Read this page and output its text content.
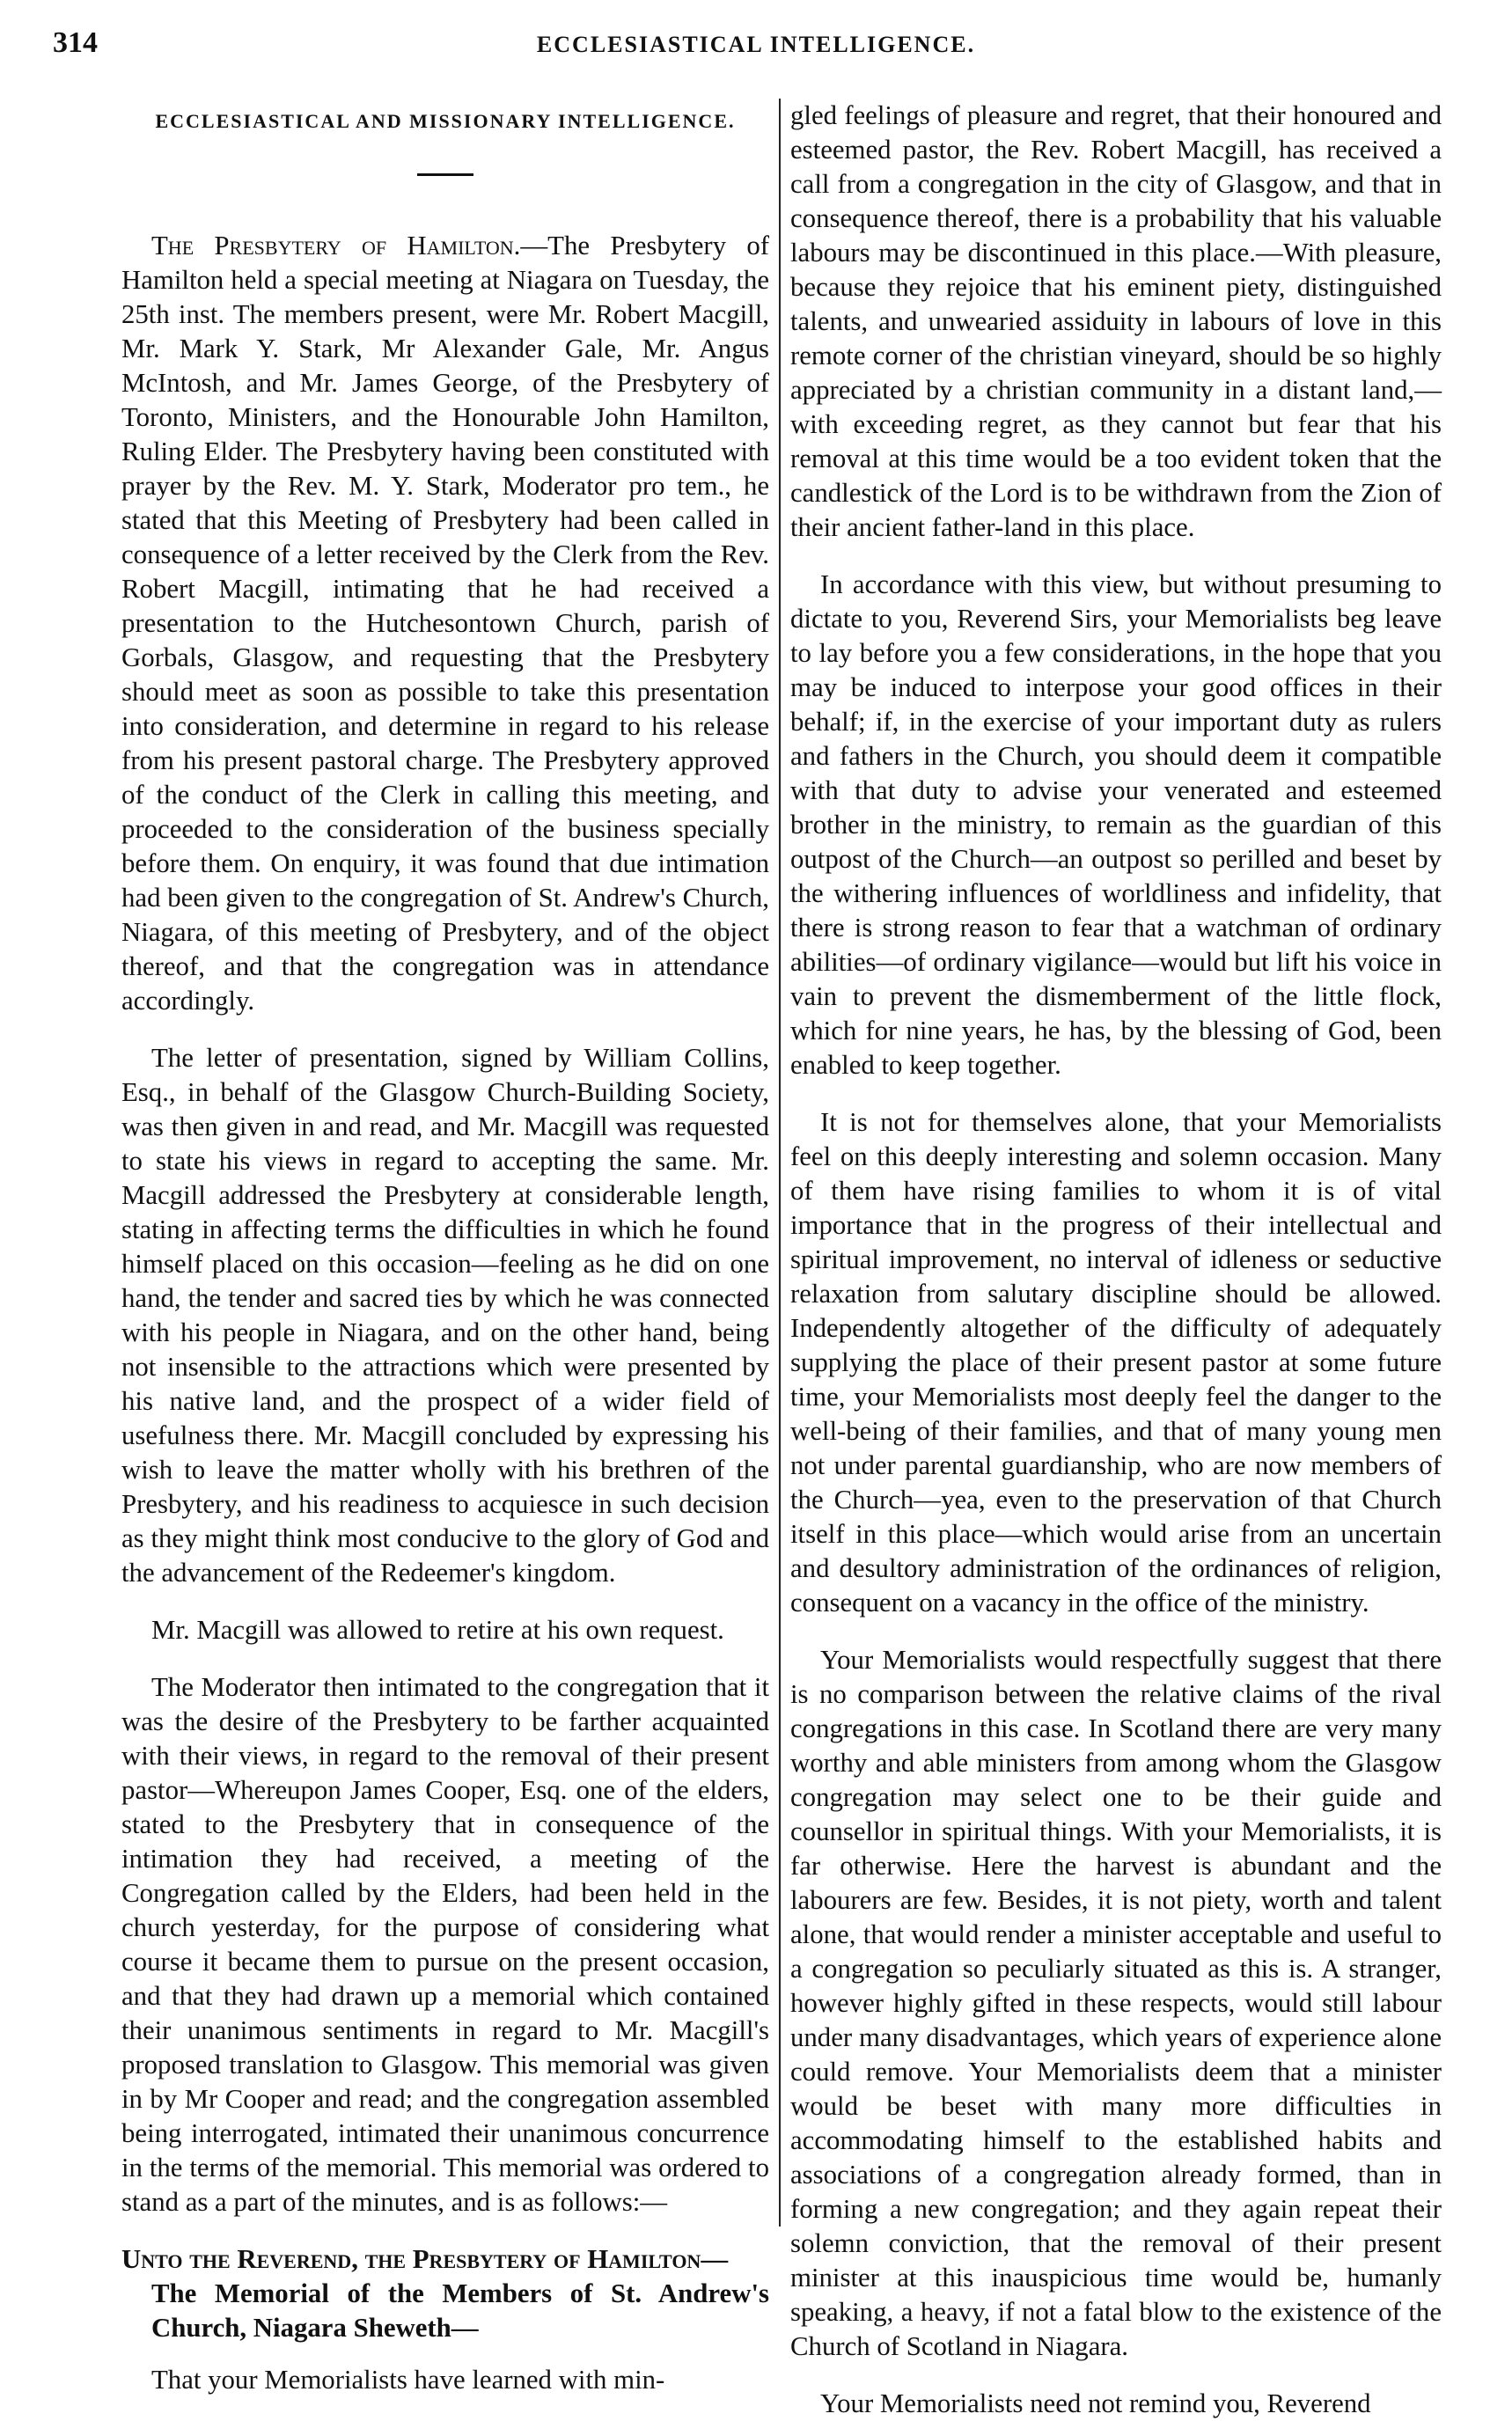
314	ECCLESIASTICAL INTELLIGENCE.
ECCLESIASTICAL AND MISSIONARY INTELLIGENCE.

The Presbytery of Hamilton.—The Presbytery of Hamilton held a special meeting at Niagara on Tuesday, the 25th inst. The members present, were Mr. Robert Macgill, Mr. Mark Y. Stark, Mr Alexander Gale, Mr. Angus McIntosh, and Mr. James George, of the Presbytery of Toronto, Ministers, and the Honourable John Hamilton, Ruling Elder. The Presbytery having been constituted with prayer by the Rev. M. Y. Stark, Moderator pro tem., he stated that this Meeting of Presbytery had been called in consequence of a letter received by the Clerk from the Rev. Robert Macgill, intimating that he had received a presentation to the Hutchesontown Church, parish of Gorbals, Glasgow, and requesting that the Presbytery should meet as soon as possible to take this presentation into consideration, and determine in regard to his release from his present pastoral charge. The Presbytery approved of the conduct of the Clerk in calling this meeting, and proceeded to the consideration of the business specially before them. On enquiry, it was found that due intimation had been given to the congregation of St. Andrew's Church, Niagara, of this meeting of Presbytery, and of the object thereof, and that the congregation was in attendance accordingly.

The letter of presentation, signed by William Collins, Esq., in behalf of the Glasgow Church-Building Society, was then given in and read, and Mr. Macgill was requested to state his views in regard to accepting the same. Mr. Macgill addressed the Presbytery at considerable length, stating in affecting terms the difficulties in which he found himself placed on this occasion—feeling as he did on one hand, the tender and sacred ties by which he was connected with his people in Niagara, and on the other hand, being not insensible to the attractions which were presented by his native land, and the prospect of a wider field of usefulness there. Mr. Macgill concluded by expressing his wish to leave the matter wholly with his brethren of the Presbytery, and his readiness to acquiesce in such decision as they might think most conducive to the glory of God and the advancement of the Redeemer's kingdom.

Mr. Macgill was allowed to retire at his own request.

The Moderator then intimated to the congregation that it was the desire of the Presbytery to be farther acquainted with their views, in regard to the removal of their present pastor—Whereupon James Cooper, Esq. one of the elders, stated to the Presbytery that in consequence of the intimation they had received, a meeting of the Congregation called by the Elders, had been held in the church yesterday, for the purpose of considering what course it became them to pursue on the present occasion, and that they had drawn up a memorial which contained their unanimous sentiments in regard to Mr. Macgill's proposed translation to Glasgow. This memorial was given in by Mr Cooper and read; and the congregation assembled being interrogated, intimated their unanimous concurrence in the terms of the memorial. This memorial was ordered to stand as a part of the minutes, and is as follows:—

Unto the Reverend, the Presbytery of Hamilton—
The Memorial of the Members of St. Andrew's Church, Niagara Sheweth—

That your Memorialists have learned with min-

gled feelings of pleasure and regret, that their honoured and esteemed pastor, the Rev. Robert Macgill, has received a call from a congregation in the city of Glasgow, and that in consequence thereof, there is a probability that his valuable labours may be discontinued in this place.—With pleasure, because they rejoice that his eminent piety, distinguished talents, and unwearied assiduity in labours of love in this remote corner of the christian vineyard, should be so highly appreciated by a christian community in a distant land,—with exceeding regret, as they cannot but fear that his removal at this time would be a too evident token that the candlestick of the Lord is to be withdrawn from the Zion of their ancient father-land in this place.

In accordance with this view, but without presuming to dictate to you, Reverend Sirs, your Memorialists beg leave to lay before you a few considerations, in the hope that you may be induced to interpose your good offices in their behalf; if, in the exercise of your important duty as rulers and fathers in the Church, you should deem it compatible with that duty to advise your venerated and esteemed brother in the ministry, to remain as the guardian of this outpost of the Church—an outpost so perilled and beset by the withering influences of worldliness and infidelity, that there is strong reason to fear that a watchman of ordinary abilities—of ordinary vigilance—would but lift his voice in vain to prevent the dismemberment of the little flock, which for nine years, he has, by the blessing of God, been enabled to keep together.

It is not for themselves alone, that your Memorialists feel on this deeply interesting and solemn occasion. Many of them have rising families to whom it is of vital importance that in the progress of their intellectual and spiritual improvement, no interval of idleness or seductive relaxation from salutary discipline should be allowed. Independently altogether of the difficulty of adequately supplying the place of their present pastor at some future time, your Memorialists most deeply feel the danger to the well-being of their families, and that of many young men not under parental guardianship, who are now members of the Church—yea, even to the preservation of that Church itself in this place—which would arise from an uncertain and desultory administration of the ordinances of religion, consequent on a vacancy in the office of the ministry.

Your Memorialists would respectfully suggest that there is no comparison between the relative claims of the rival congregations in this case. In Scotland there are very many worthy and able ministers from among whom the Glasgow congregation may select one to be their guide and counsellor in spiritual things. With your Memorialists, it is far otherwise. Here the harvest is abundant and the labourers are few. Besides, it is not piety, worth and talent alone, that would render a minister acceptable and useful to a congregation so peculiarly situated as this is. A stranger, however highly gifted in these respects, would still labour under many disadvantages, which years of experience alone could remove. Your Memorialists deem that a minister would be beset with many more difficulties in accommodating himself to the established habits and associations of a congregation already formed, than in forming a new congregation; and they again repeat their solemn conviction, that the removal of their present minister at this inauspicious time would be, humanly speaking, a heavy, if not a fatal blow to the existence of the Church of Scotland in Niagara.

Your Memorialists need not remind you, Reverend
